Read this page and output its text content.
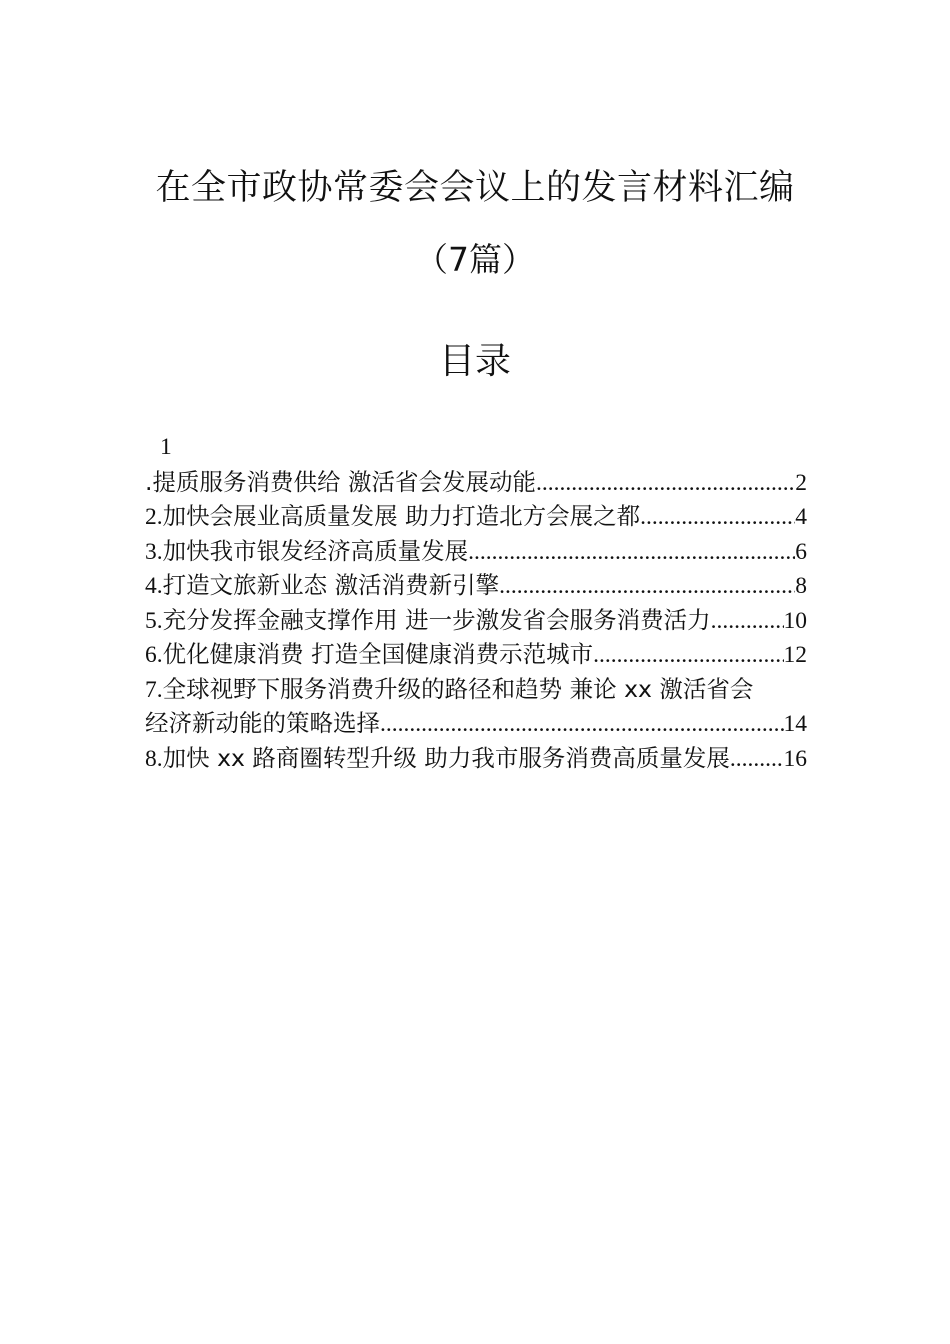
在全市政协常委会会议上的发言材料汇编
（7篇）
目录
1
.提质服务消费供给 激活省会发展动能 .....	2
2. 加快会展业高质量发展 助力打造北方会展之都 .....	4
3. 加快我市银发经济高质量发展 .....	6
4. 打造文旅新业态 激活消费新引擎 .....	8
5. 充分发挥金融支撑作用 进一步激发省会服务消费活力 .....	10
6. 优化健康消费 打造全国健康消费示范城市 .....	12
7. 全球视野下服务消费升级的路径和趋势 兼论 xx 激活省会
经济新动能的策略选择 .....	14
8. 加快 xx 路商圈转型升级 助力我市服务消费高质量发展 ..... 16
